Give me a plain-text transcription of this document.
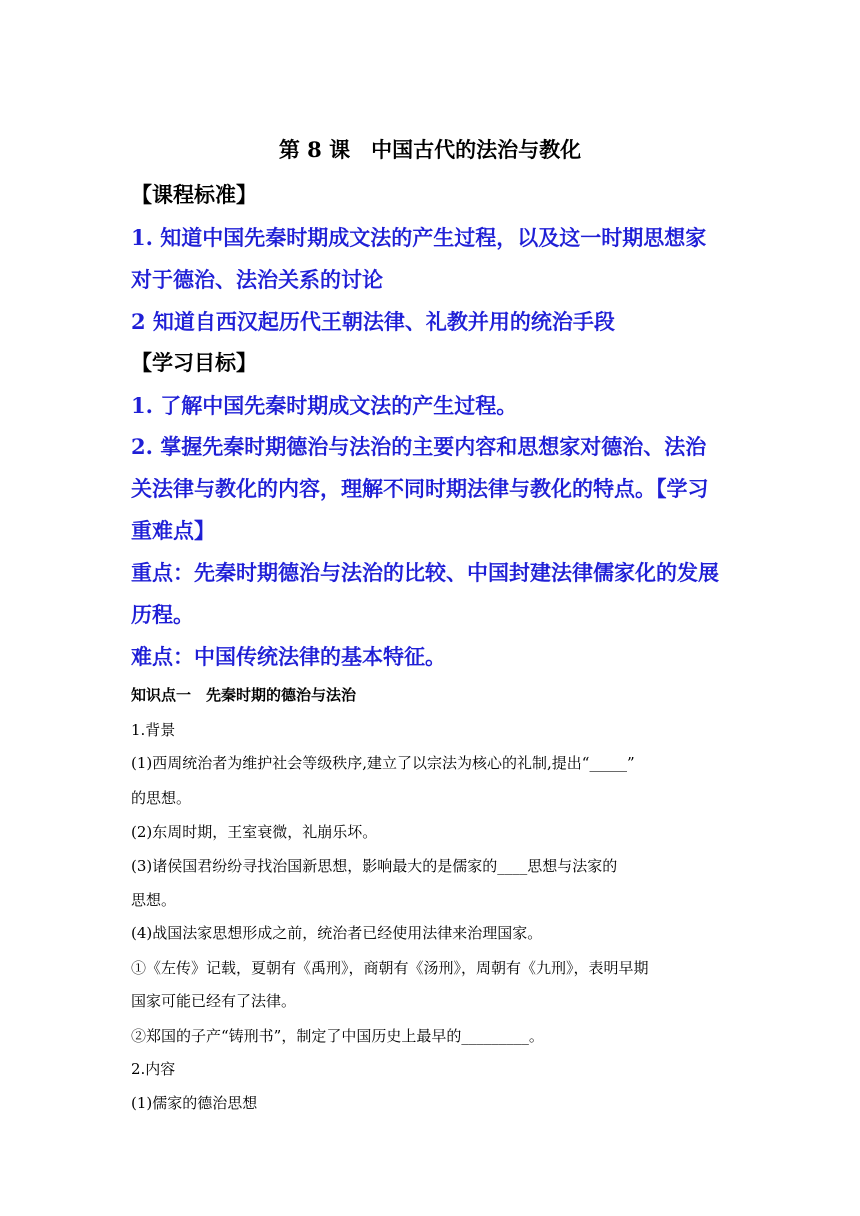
第 8 课　中国古代的法治与教化
【课程标准】
1. 知道中国先秦时期成文法的产生过程，以及这一时期思想家
对于德治、法治关系的讨论
2 知道自西汉起历代王朝法律、礼教并用的统治手段
【学习目标】
1. 了解中国先秦时期成文法的产生过程。
2. 掌握先秦时期德治与法治的主要内容和思想家对德治、法治
关法律与教化的内容，理解不同时期法律与教化的特点。【学习
重难点】
重点：先秦时期德治与法治的比较、中国封建法律儒家化的发展
历程。
难点：中国传统法律的基本特征。
知识点一　先秦时期的德治与法治
1.背景
(1)西周统治者为维护社会等级秩序,建立了以宗法为核心的礼制,提出“_____”
的思想。
(2)东周时期，王室衰微，礼崩乐坏。
(3)诸侯国君纷纷寻找治国新思想，影响最大的是儒家的____思想与法家的
思想。
(4)战国法家思想形成之前，统治者已经使用法律来治理国家。
①《左传》记载，夏朝有《禹刑》，商朝有《汤刑》，周朝有《九刑》，表明早期
国家可能已经有了法律。
②郑国的子产“铸刑书”，制定了中国历史上最早的_________。
2.内容
(1)儒家的德治思想
